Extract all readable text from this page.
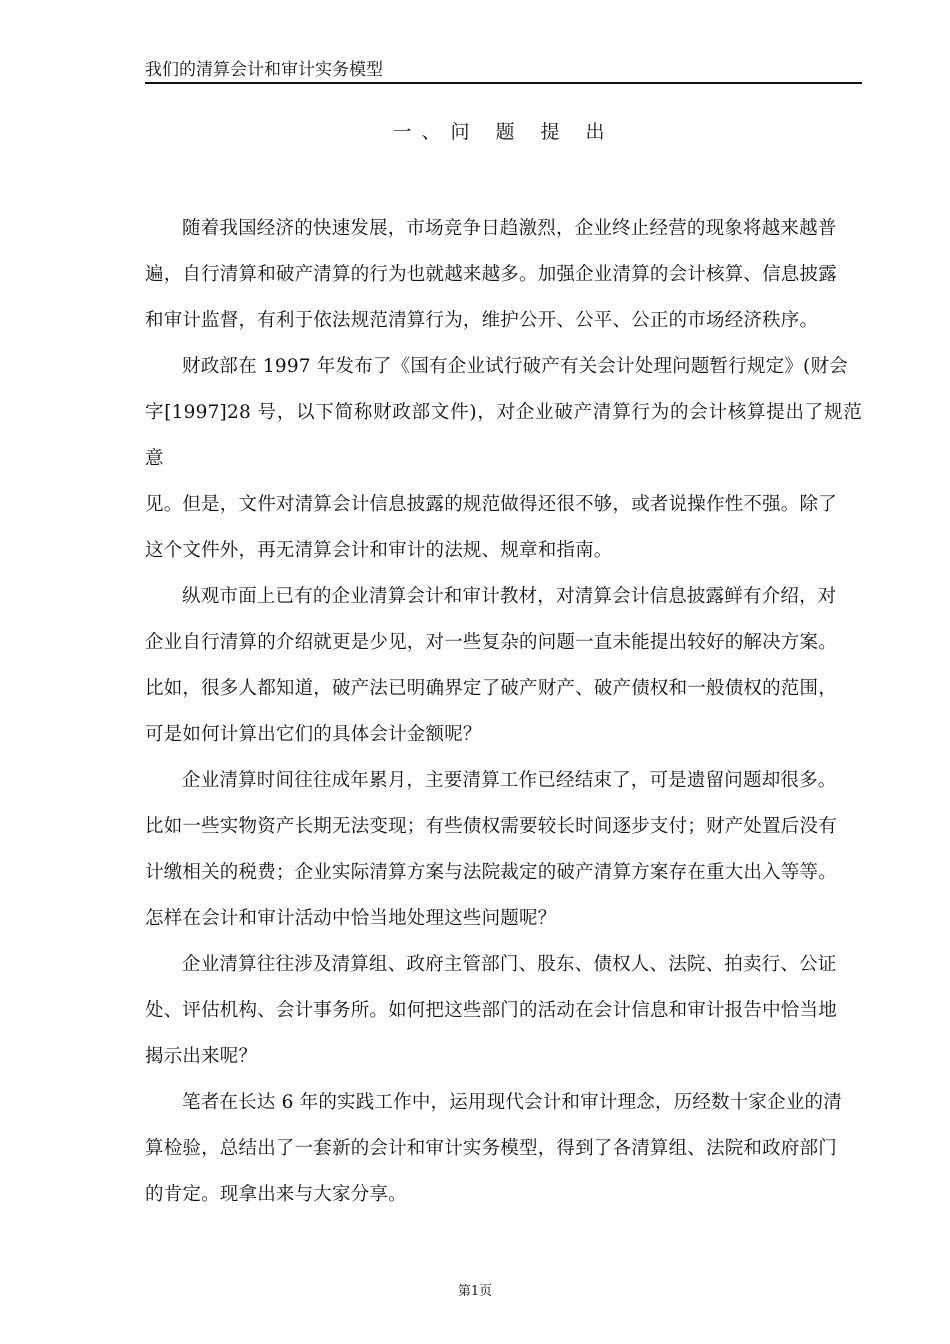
我们的清算会计和审计实务模型
一、问 题 提 出

随着我国经济的快速发展，市场竞争日趋激烈，企业终止经营的现象将越来越普
遍，自行清算和破产清算的行为也就越来越多。加强企业清算的会计核算、信息披露
和审计监督，有利于依法规范清算行为，维护公开、公平、公正的市场经济秩序。

财政部在 1997 年发布了《国有企业试行破产有关会计处理问题暂行规定》(财会
字[1997]28 号，以下简称财政部文件)，对企业破产清算行为的会计核算提出了规范意
见。但是，文件对清算会计信息披露的规范做得还很不够，或者说操作性不强。除了
这个文件外，再无清算会计和审计的法规、规章和指南。

纵观市面上已有的企业清算会计和审计教材，对清算会计信息披露鲜有介绍，对
企业自行清算的介绍就更是少见，对一些复杂的问题一直未能提出较好的解决方案。
比如，很多人都知道，破产法已明确界定了破产财产、破产债权和一般债权的范围，
可是如何计算出它们的具体会计金额呢？

企业清算时间往往成年累月，主要清算工作已经结束了，可是遗留问题却很多。
比如一些实物资产长期无法变现；有些债权需要较长时间逐步支付；财产处置后没有
计缴相关的税费；企业实际清算方案与法院裁定的破产清算方案存在重大出入等等。
怎样在会计和审计活动中恰当地处理这些问题呢？

企业清算往往涉及清算组、政府主管部门、股东、债权人、法院、拍卖行、公证
处、评估机构、会计事务所。如何把这些部门的活动在会计信息和审计报告中恰当地
揭示出来呢？

笔者在长达 6 年的实践工作中，运用现代会计和审计理念，历经数十家企业的清
算检验，总结出了一套新的会计和审计实务模型，得到了各清算组、法院和政府部门
的肯定。现拿出来与大家分享。

第1页
